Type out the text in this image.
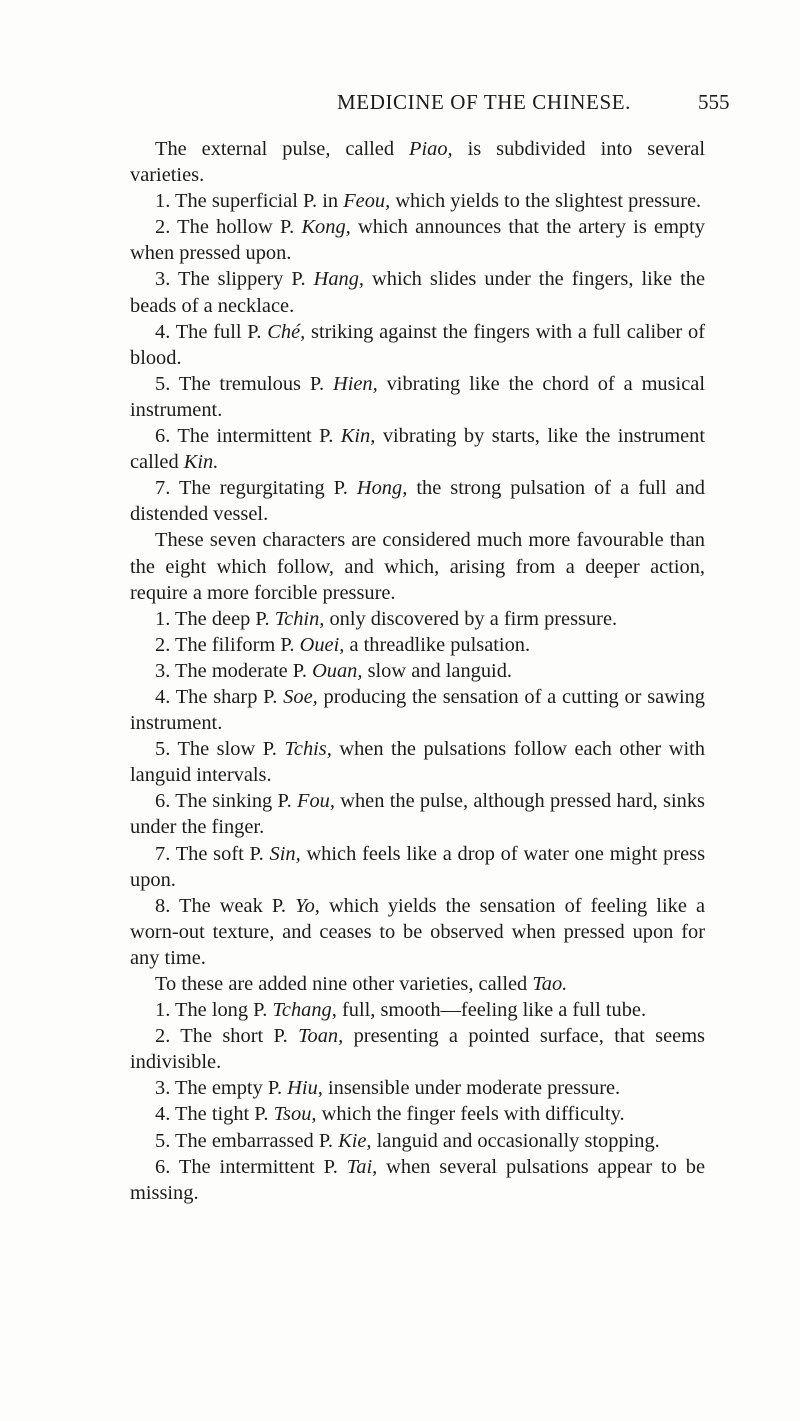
MEDICINE OF THE CHINESE.	555

The external pulse, called Piao, is subdivided into several varieties.

1. The superficial P. in Feou, which yields to the slightest pressure.

2. The hollow P. Kong, which announces that the artery is empty when pressed upon.

3. The slippery P. Hang, which slides under the fingers, like the beads of a necklace.

4. The full P. Ché, striking against the fingers with a full caliber of blood.

5. The tremulous P. Hien, vibrating like the chord of a musical instrument.

6. The intermittent P. Kin, vibrating by starts, like the instrument called Kin.

7. The regurgitating P. Hong, the strong pulsation of a full and distended vessel.

These seven characters are considered much more favourable than the eight which follow, and which, arising from a deeper action, require a more forcible pressure.

1. The deep P. Tchin, only discovered by a firm pressure.

2. The filiform P. Ouei, a threadlike pulsation.

3. The moderate P. Ouan, slow and languid.

4. The sharp P. Soe, producing the sensation of a cutting or sawing instrument.

5. The slow P. Tchis, when the pulsations follow each other with languid intervals.

6. The sinking P. Fou, when the pulse, although pressed hard, sinks under the finger.

7. The soft P. Sin, which feels like a drop of water one might press upon.

8. The weak P. Yo, which yields the sensation of feeling like a worn-out texture, and ceases to be observed when pressed upon for any time.

To these are added nine other varieties, called Tao.

1. The long P. Tchang, full, smooth—feeling like a full tube.

2. The short P. Toan, presenting a pointed surface, that seems indivisible.

3. The empty P. Hiu, insensible under moderate pressure.

4. The tight P. Tsou, which the finger feels with difficulty.

5. The embarrassed P. Kie, languid and occasionally stopping.

6. The intermittent P. Tai, when several pulsations appear to be missing.
